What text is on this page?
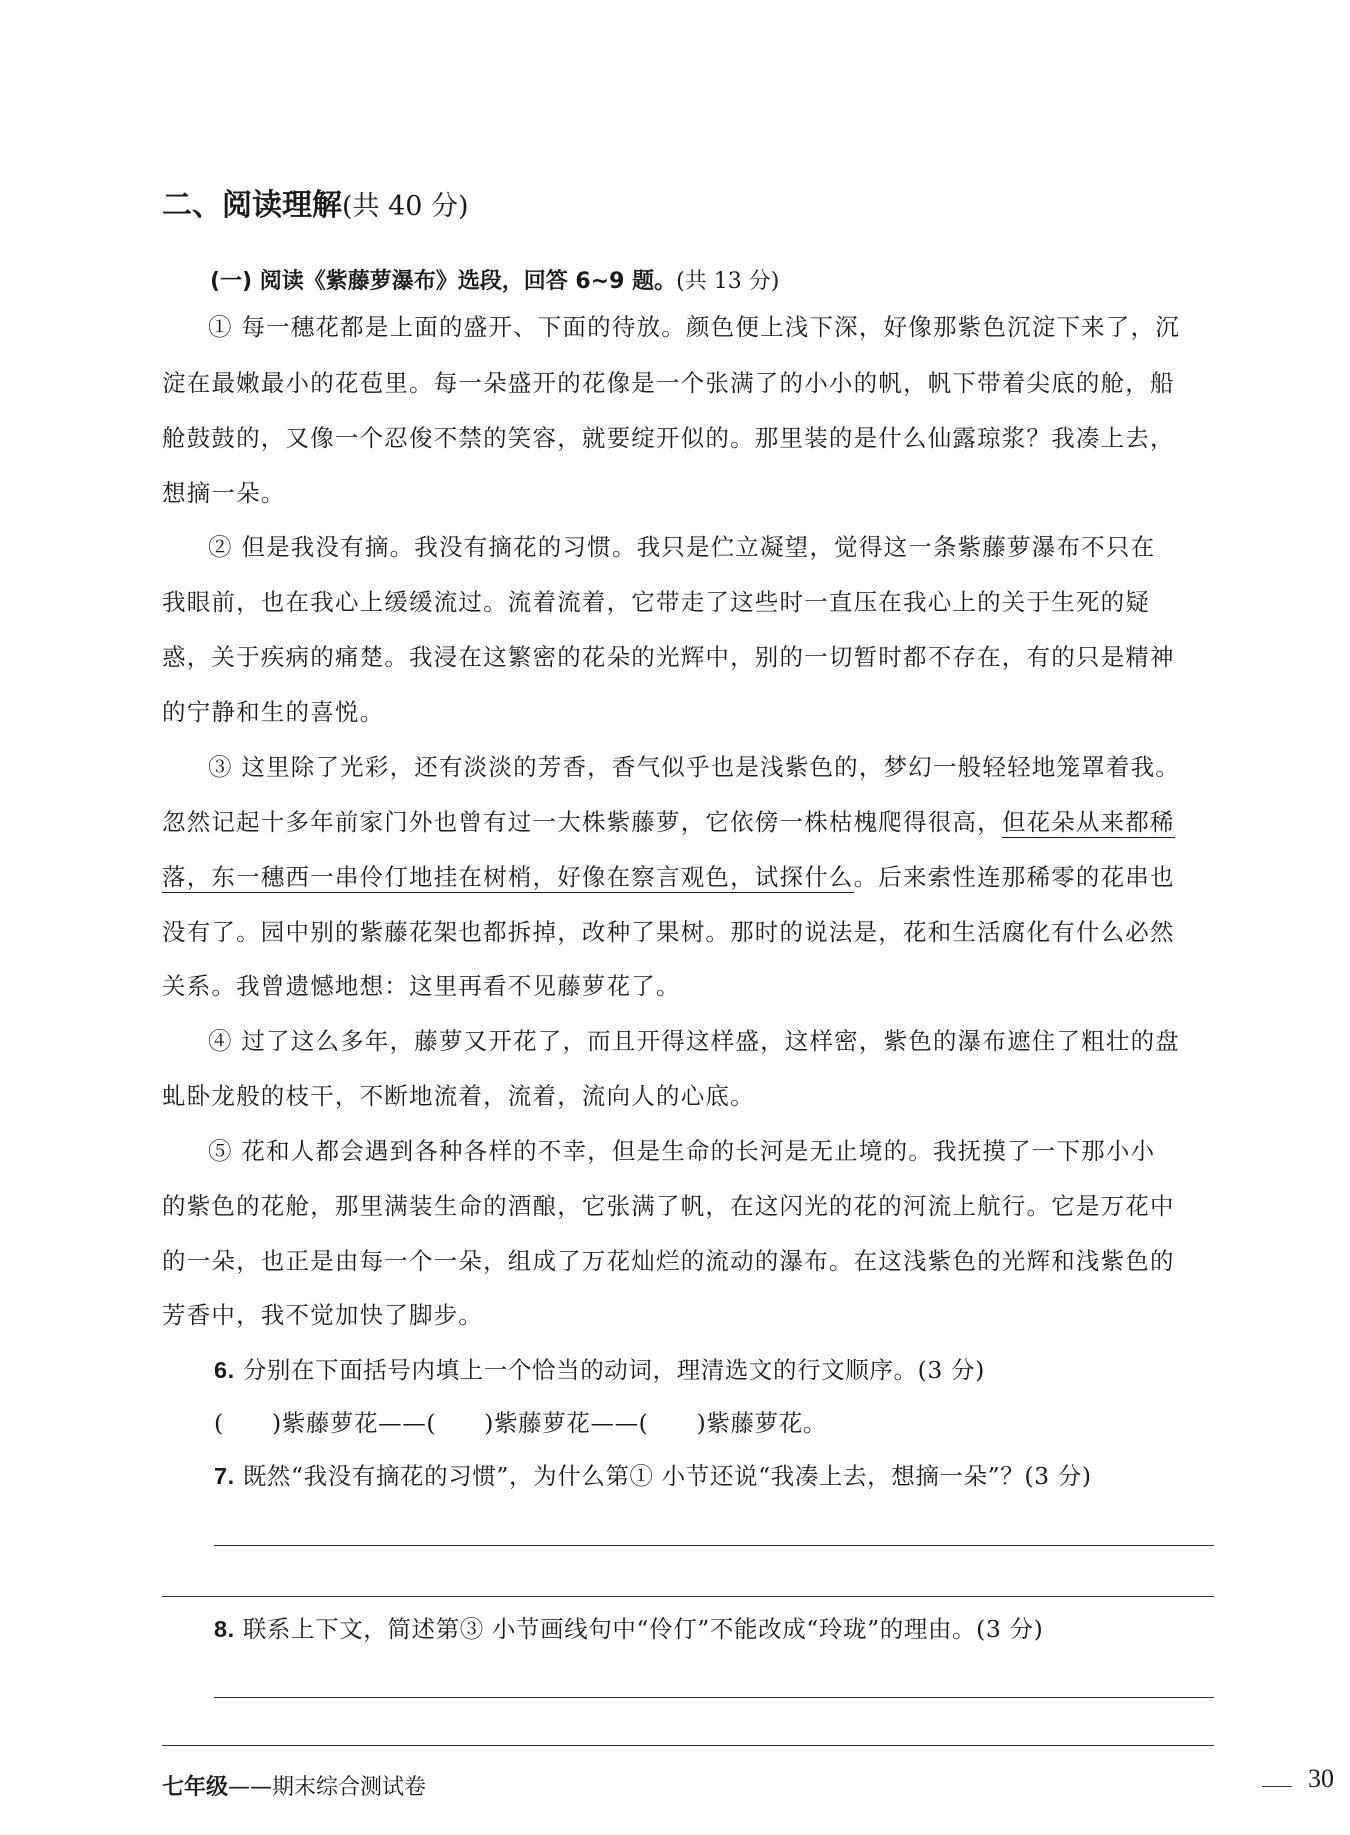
二、阅读理解(共 40 分)
(一) 阅读《紫藤萝瀑布》选段，回答 6~9 题。(共 13 分)
① 每一穗花都是上面的盛开、下面的待放。颜色便上浅下深，好像那紫色沉淀下来了，沉
淀在最嫩最小的花苞里。每一朵盛开的花像是一个张满了的小小的帆，帆下带着尖底的舱，船
舱鼓鼓的，又像一个忍俊不禁的笑容，就要绽开似的。那里装的是什么仙露琼浆？我凑上去，
想摘一朵。
② 但是我没有摘。我没有摘花的习惯。我只是伫立凝望，觉得这一条紫藤萝瀑布不只在
我眼前，也在我心上缓缓流过。流着流着，它带走了这些时一直压在我心上的关于生死的疑
惑，关于疾病的痛楚。我浸在这繁密的花朵的光辉中，别的一切暂时都不存在，有的只是精神
的宁静和生的喜悦。
③ 这里除了光彩，还有淡淡的芳香，香气似乎也是浅紫色的，梦幻一般轻轻地笼罩着我。
忽然记起十多年前家门外也曾有过一大株紫藤萝，它依傍一株枯槐爬得很高，但花朵从来都稀
落，东一穗西一串伶仃地挂在树梢，好像在察言观色，试探什么。后来索性连那稀零的花串也
没有了。园中别的紫藤花架也都拆掉，改种了果树。那时的说法是，花和生活腐化有什么必然
关系。我曾遗憾地想：这里再看不见藤萝花了。
④ 过了这么多年，藤萝又开花了，而且开得这样盛，这样密，紫色的瀑布遮住了粗壮的盘
虬卧龙般的枝干，不断地流着，流着，流向人的心底。
⑤ 花和人都会遇到各种各样的不幸，但是生命的长河是无止境的。我抚摸了一下那小小
的紫色的花舱，那里满装生命的酒酿，它张满了帆，在这闪光的花的河流上航行。它是万花中
的一朵，也正是由每一个一朵，组成了万花灿烂的流动的瀑布。在这浅紫色的光辉和浅紫色的
芳香中，我不觉加快了脚步。
6. 分别在下面括号内填上一个恰当的动词，理清选文的行文顺序。(3 分)
(　　)紫藤萝花——(　　)紫藤萝花——(　　)紫藤萝花。
7. 既然“我没有摘花的习惯”，为什么第① 小节还说“我凑上去，想摘一朵”？(3 分)
8. 联系上下文，简述第③ 小节画线句中“伶仃”不能改成“玲珑”的理由。(3 分)
七年级——期末综合测试卷	30
